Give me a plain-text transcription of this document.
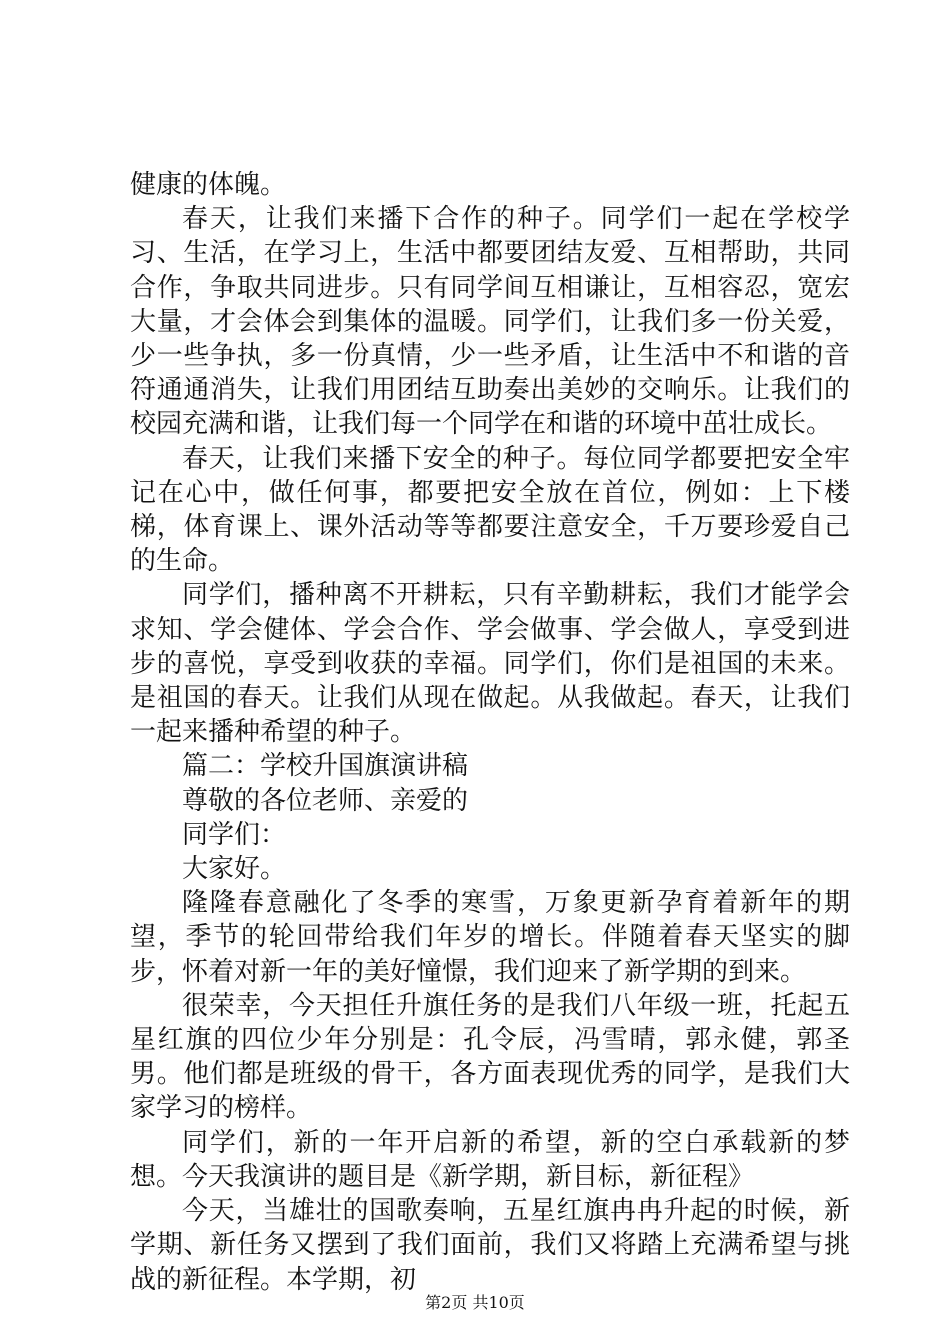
健康的体魄。

春天，让我们来播下合作的种子。同学们一起在学校学习、生活，在学习上，生活中都要团结友爱、互相帮助，共同合作，争取共同进步。只有同学间互相谦让，互相容忍，宽宏大量，才会体会到集体的温暖。同学们，让我们多一份关爱，少一些争执，多一份真情，少一些矛盾，让生活中不和谐的音符通通消失，让我们用团结互助奏出美妙的交响乐。让我们的校园充满和谐，让我们每一个同学在和谐的环境中茁壮成长。

春天，让我们来播下安全的种子。每位同学都要把安全牢记在心中，做任何事，都要把安全放在首位，例如：上下楼梯，体育课上、课外活动等等都要注意安全，千万要珍爱自己的生命。

同学们，播种离不开耕耘，只有辛勤耕耘，我们才能学会求知、学会健体、学会合作、学会做事、学会做人，享受到进步的喜悦，享受到收获的幸福。同学们，你们是祖国的未来。是祖国的春天。让我们从现在做起。从我做起。春天，让我们一起来播种希望的种子。

篇二：学校升国旗演讲稿

尊敬的各位老师、亲爱的

同学们：

大家好。

隆隆春意融化了冬季的寒雪，万象更新孕育着新年的期望，季节的轮回带给我们年岁的增长。伴随着春天坚实的脚步，怀着对新一年的美好憧憬，我们迎来了新学期的到来。

很荣幸，今天担任升旗任务的是我们八年级一班，托起五星红旗的四位少年分别是：孔令辰，冯雪晴，郭永健，郭圣男。他们都是班级的骨干，各方面表现优秀的同学，是我们大家学习的榜样。

同学们，新的一年开启新的希望，新的空白承载新的梦想。今天我演讲的题目是《新学期，新目标，新征程》

今天，当雄壮的国歌奏响，五星红旗冉冉升起的时候，新学期、新任务又摆到了我们面前，我们又将踏上充满希望与挑战的新征程。本学期，初

第2页 共10页
